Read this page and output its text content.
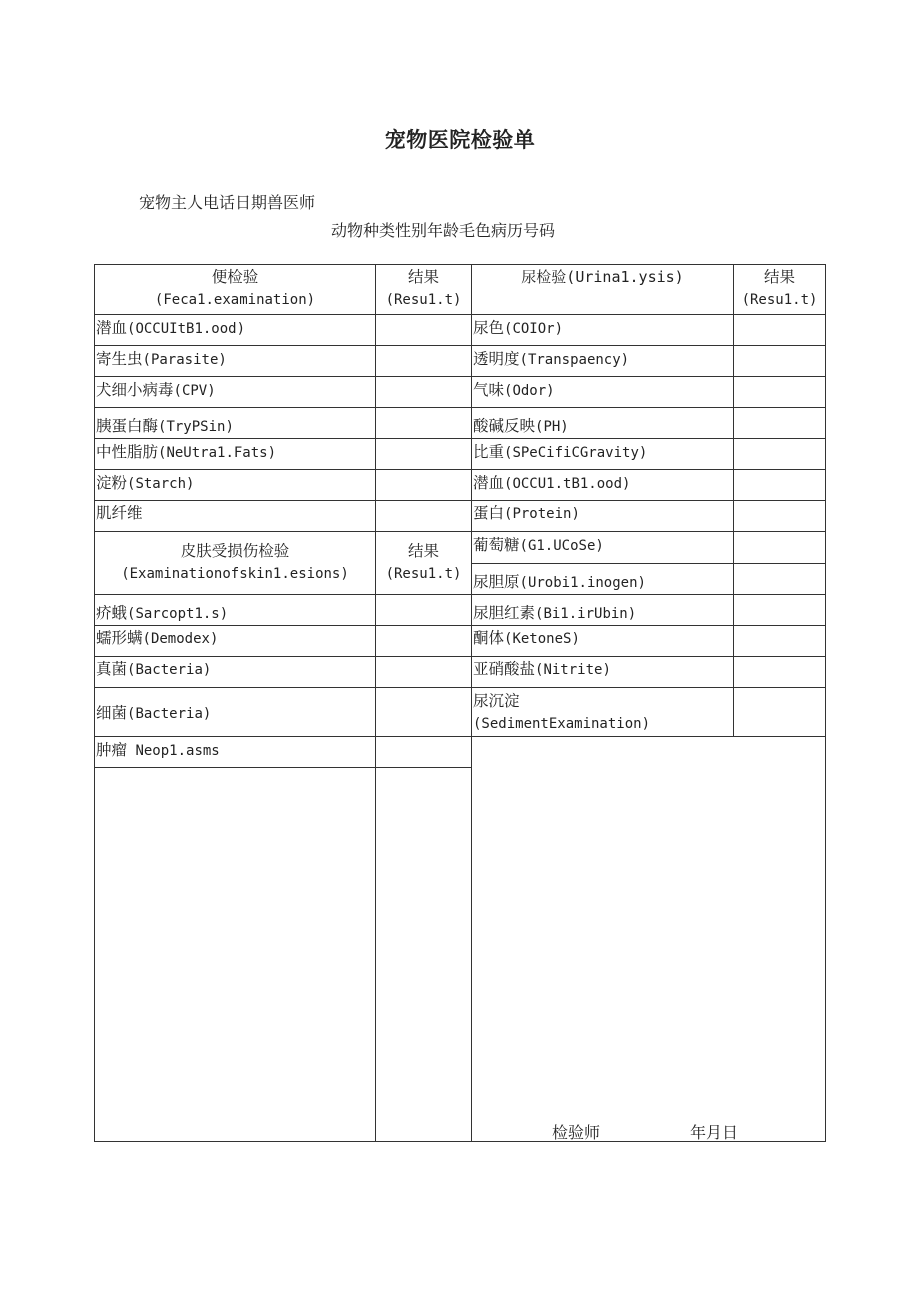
宠物医院检验单
宠物主人电话日期兽医师
动物种类性别年龄毛色病历号码
便检验
(Feca1.examination)
结果
(Resu1.t)
尿检验(Urina1.ysis)	结果
(Resu1.t)
潜血(OCCUItB1.ood)
寄生虫(Parasite)
犬细小病毒(CPV)
胰蛋白酶(TryPSin)
中性脂肪(NeUtra1.Fats)
淀粉(Starch)
肌纤维
皮肤受损伤检验
(Examinationofskin1.esions)
结果
(Resu1.t)
疥蛾(Sarcopt1.s)
蠕形螨(Demodex)
真菌(Bacteria)
细菌(Bacteria)
肿瘤 Neop1.asms
尿色(COIOr)
透明度(Transpaency)
气味(Odor)
酸碱反映(PH)
比重(SPeCifiCGravity)
潜血(OCCU1.tB1.ood)
蛋白(Protein)
葡萄糖(G1.UCoSe)
尿胆原(Urobi1.inogen)
尿胆红素(Bi1.irUbin)
酮体(KetoneS)
亚硝酸盐(Nitrite)
尿沉淀
(SedimentExamination)
检验师	年月日
